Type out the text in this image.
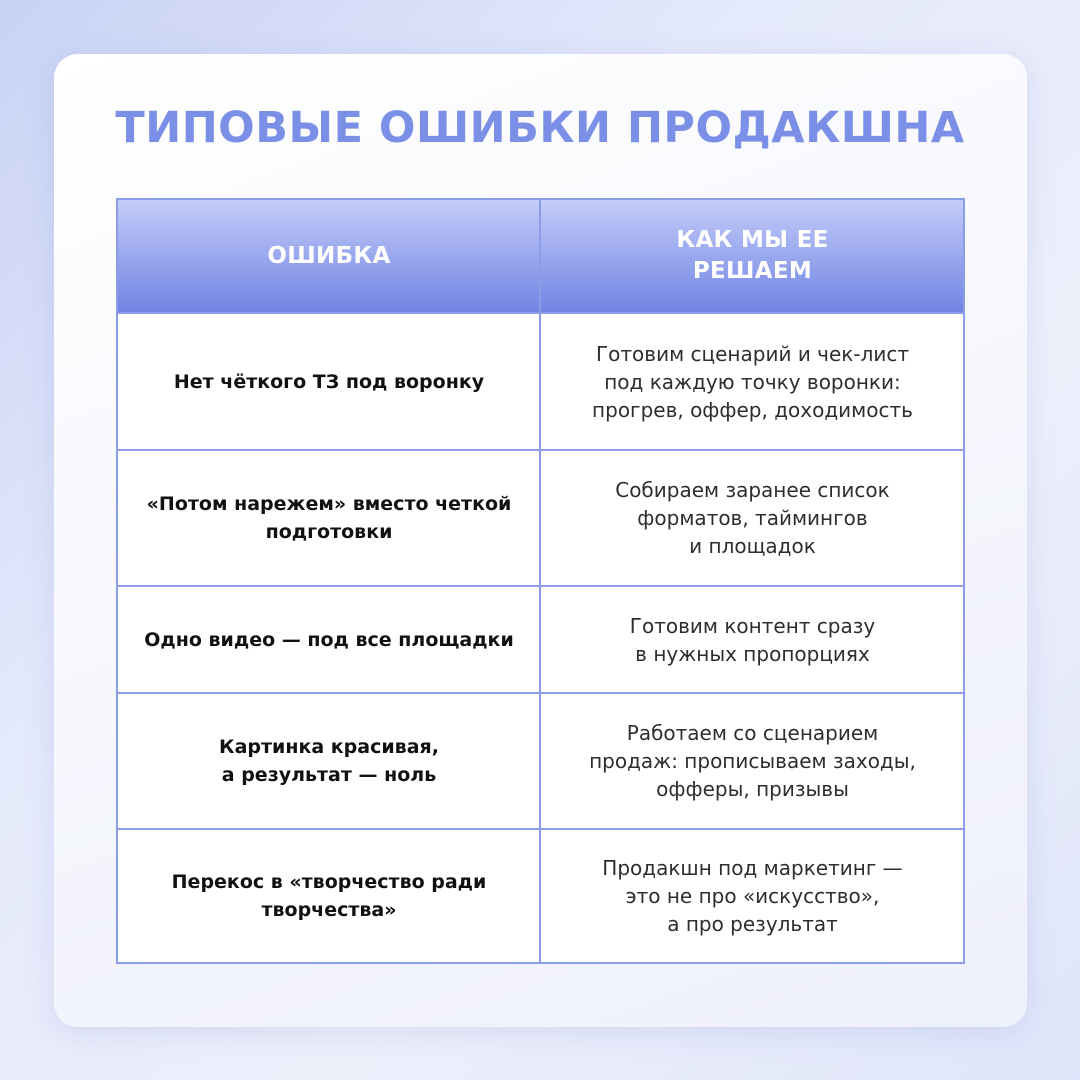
ТИПОВЫЕ ОШИБКИ ПРОДАКШНА
ОШИБКА
КАК МЫ ЕЕ
РЕШАЕМ
Нет чёткого ТЗ под воронку
Готовим сценарий и чек-лист
под каждую точку воронки:
прогрев, оффер, доходимость
«Потом нарежем» вместо четкой
подготовки
Собираем заранее список
форматов, таймингов
и площадок
Одно видео — под все площадки
Готовим контент сразу
в нужных пропорциях
Картинка красивая,
а результат — ноль
Работаем со сценарием
продаж: прописываем заходы,
офферы, призывы
Перекос в «творчество ради
творчества»
Продакшн под маркетинг —
это не про «искусство»,
а про результат
